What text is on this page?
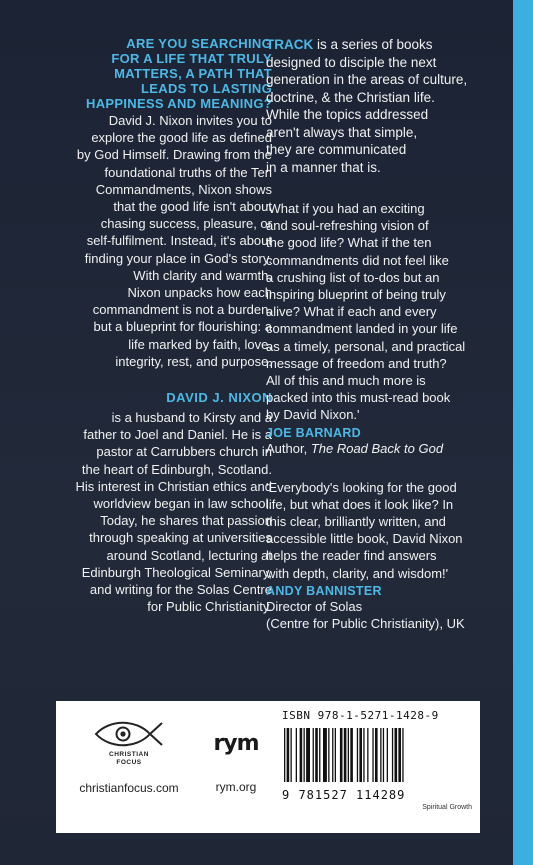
ARE YOU SEARCHING
FOR A LIFE THAT TRULY
MATTERS, A PATH THAT
LEADS TO LASTING
HAPPINESS AND MEANING?
David J. Nixon invites you to
explore the good life as defined
by God Himself. Drawing from the
foundational truths of the Ten
Commandments, Nixon shows
that the good life isn't about
chasing success, pleasure, or
self-fulfilment. Instead, it's about
finding your place in God's story.
With clarity and warmth,
Nixon unpacks how each
commandment is not a burden,
but a blueprint for flourishing: a
life marked by faith, love,
integrity, rest, and purpose.
DAVID J. NIXON
is a husband to Kirsty and a
father to Joel and Daniel. He is a
pastor at Carrubbers church in
the heart of Edinburgh, Scotland.
His interest in Christian ethics and
worldview began in law school.
Today, he shares that passion
through speaking at universities
around Scotland, lecturing at
Edinburgh Theological Seminary,
and writing for the Solas Centre
for Public Christianity.
TRACK is a series of books
designed to disciple the next
generation in the areas of culture,
doctrine, & the Christian life.
While the topics addressed
aren't always that simple,
they are communicated
in a manner that is.
'What if you had an exciting
and soul-refreshing vision of
the good life? What if the ten
commandments did not feel like
a crushing list of to-dos but an
inspiring blueprint of being truly
alive? What if each and every
commandment landed in your life
as a timely, personal, and practical
message of freedom and truth?
All of this and much more is
packed into this must-read book
by David Nixon.'
JOE BARNARD
Author, The Road Back to God
'Everybody's looking for the good
life, but what does it look like? In
this clear, brilliantly written, and
accessible little book, David Nixon
helps the reader find answers
with depth, clarity, and wisdom!'
ANDY BANNISTER
Director of Solas
(Centre for Public Christianity), UK
CHRISTIAN
FOCUS
christianfocus.com
rym
rym.org
ISBN 978-1-5271-1428-9
9 781527 114289
Spiritual Growth
